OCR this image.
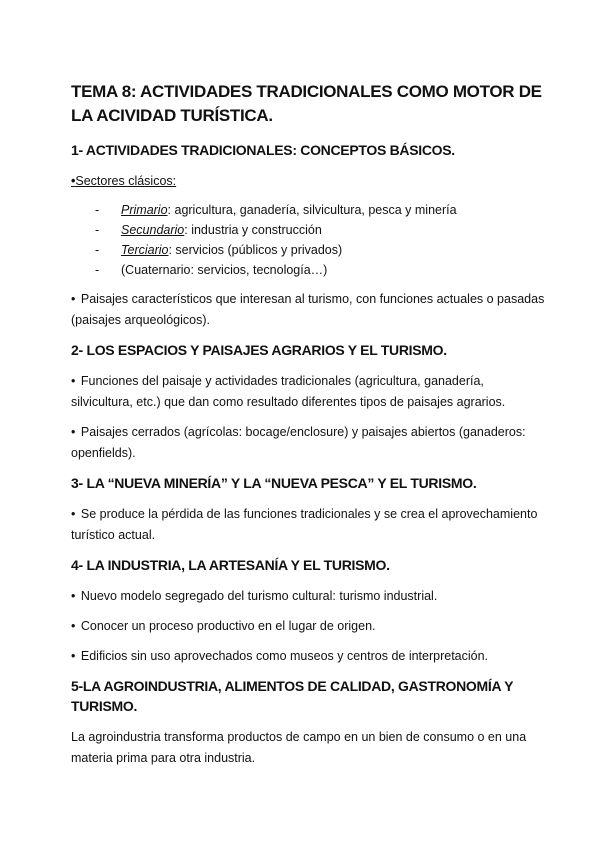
TEMA 8: ACTIVIDADES TRADICIONALES COMO MOTOR DE LA ACIVIDAD TURÍSTICA.
1- ACTIVIDADES TRADICIONALES: CONCEPTOS BÁSICOS.
•Sectores clásicos:
-	Primario: agricultura, ganadería, silvicultura, pesca y minería
-	Secundario: industria y construcción
-	Terciario: servicios (públicos y privados)
-	(Cuaternario: servicios, tecnología…)

• Paisajes característicos que interesan al turismo, con funciones actuales o pasadas (paisajes arqueológicos).

2- LOS ESPACIOS Y PAISAJES AGRARIOS Y EL TURISMO.

• Funciones del paisaje y actividades tradicionales (agricultura, ganadería, silvicultura, etc.) que dan como resultado diferentes tipos de paisajes agrarios.

• Paisajes cerrados (agrícolas: bocage/enclosure) y paisajes abiertos (ganaderos: openfields).

3- LA “NUEVA MINERÍA” Y LA “NUEVA PESCA” Y EL TURISMO.

• Se produce la pérdida de las funciones tradicionales y se crea el aprovechamiento turístico actual.

4- LA INDUSTRIA, LA ARTESANÍA Y EL TURISMO.

• Nuevo modelo segregado del turismo cultural: turismo industrial.

• Conocer un proceso productivo en el lugar de origen.

• Edificios sin uso aprovechados como museos y centros de interpretación.

5-LA AGROINDUSTRIA, ALIMENTOS DE CALIDAD, GASTRONOMÍA Y TURISMO.

La agroindustria transforma productos de campo en un bien de consumo o en una materia prima para otra industria.
